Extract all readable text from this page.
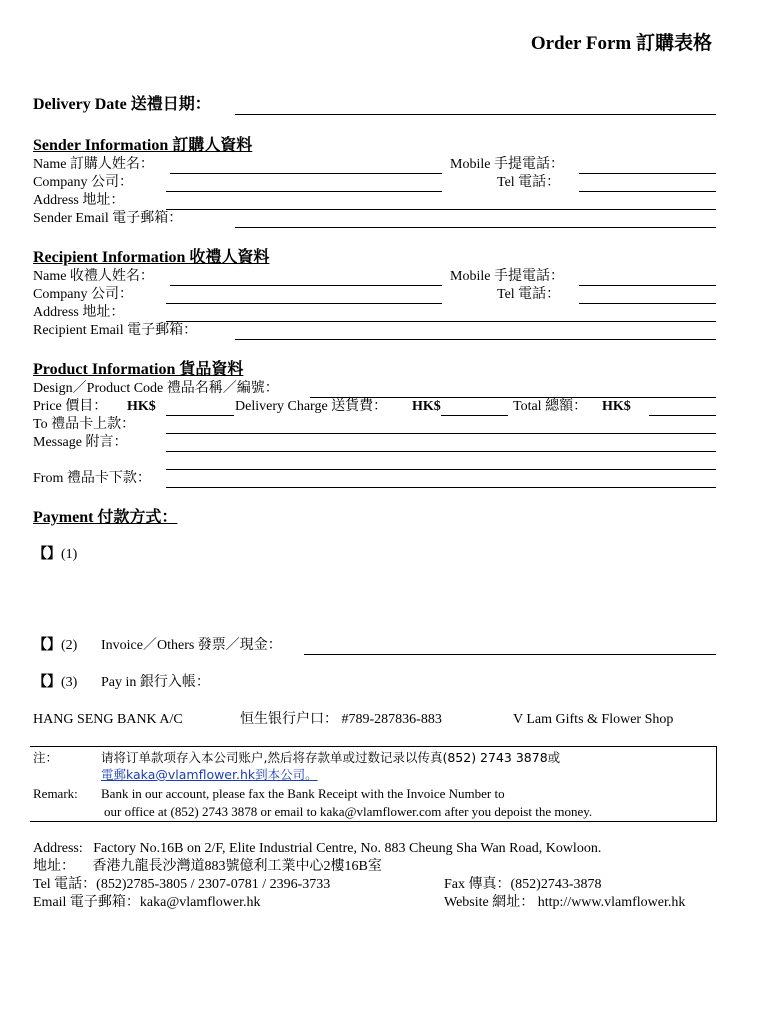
Order Form 訂購表格
Delivery Date 送禮日期：
Sender Information 訂購人資料
Name 訂購人姓名：	Mobile 手提電話：
Company 公司：	Tel 電話：
Address 地址：
Sender Email 電子郵箱：
Recipient Information 收禮人資料
Name 收禮人姓名：	Mobile 手提電話：
Company 公司：	Tel 電話：
Address 地址：
Recipient Email 電子郵箱：
Product Information 貨品資料
Design／Product Code 禮品名稱／編號：
Price 價目： HK$	Delivery Charge 送貨費： HK$	Total 總額： HK$
To 禮品卡上款：
Message 附言：
From 禮品卡下款：
Payment 付款方式：
【】(1)
【】(2) Invoice／Others 發票／現金：
【】(3) Pay in 銀行入帳：
HANG SENG BANK A/C	恒生银行户口： #789-287836-883	V Lam Gifts & Flower Shop
注：	请将订单款项存入本公司账户,然后将存款单或过数记录以传真(852) 2743 3878或
電郵kaka@vlamflower.hk到本公司。
Remark: Bank in our account, please fax the Bank Receipt with the Invoice Number to
our office at (852) 2743 3878 or email to kaka@vlamflower.com after you depoist the money.
Address:   Factory No.16B on 2/F, Elite Industrial Centre, No. 883 Cheung Sha Wan Road, Kowloon.
地址：     香港九龍長沙灣道883號億利工業中心2樓16B室
Tel 電話：(852)2785-3805 / 2307-0781 / 2396-3733	Fax 傳真：(852)2743-3878
Email 電子郵箱：kaka@vlamflower.hk	Website 網址： http://www.vlamflower.hk
